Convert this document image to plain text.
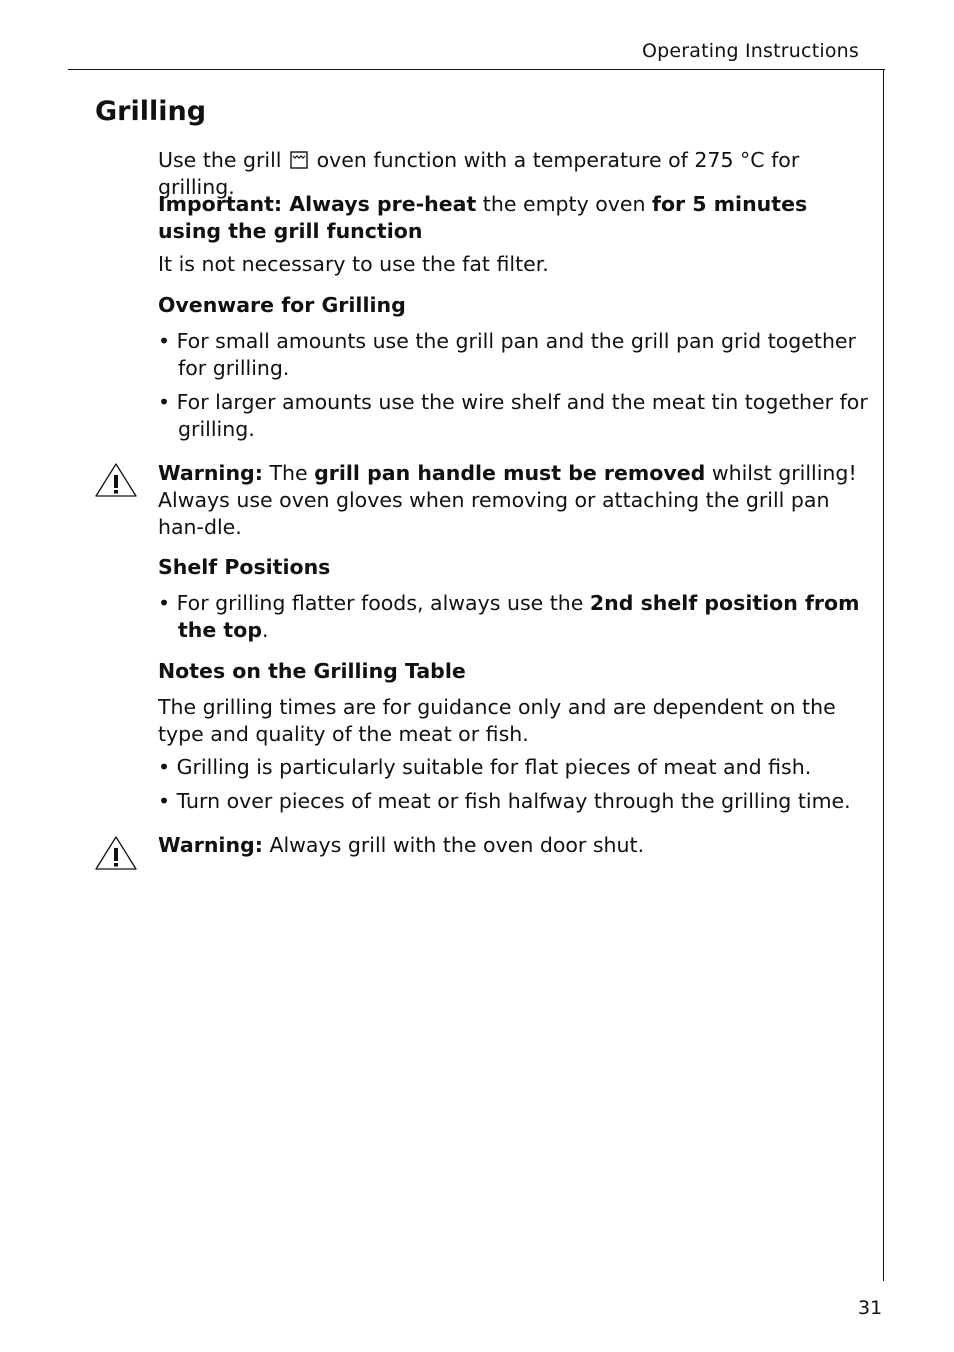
Operating Instructions
Grilling

Use the grill oven function with a temperature of 275 °C for grilling.

Important: Always pre-heat the empty oven for 5 minutes using the grill function

It is not necessary to use the fat filter.

Ovenware for Grilling

• For small amounts use the grill pan and the grill pan grid together for grilling.

• For larger amounts use the wire shelf and the meat tin together for grilling.

Warning: The grill pan handle must be removed whilst grilling! Always use oven gloves when removing or attaching the grill pan han-dle.

Shelf Positions

• For grilling flatter foods, always use the 2nd shelf position from the top.

Notes on the Grilling Table

The grilling times are for guidance only and are dependent on the type and quality of the meat or fish.

• Grilling is particularly suitable for flat pieces of meat and fish.

• Turn over pieces of meat or fish halfway through the grilling time.

Warning: Always grill with the oven door shut.

31
